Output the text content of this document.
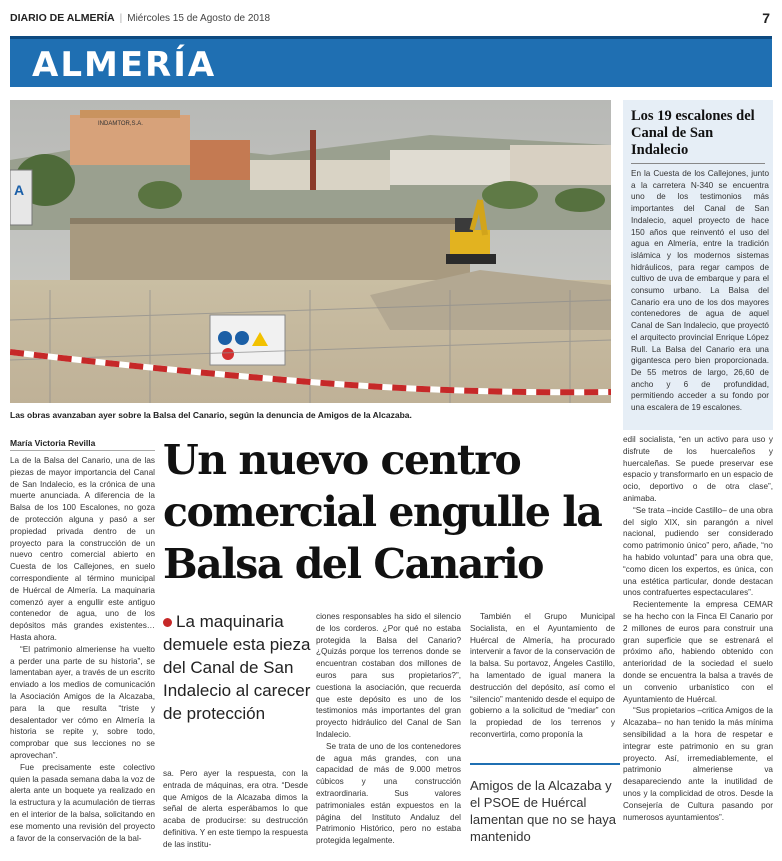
DIARIO DE ALMERÍA | Miércoles 15 de Agosto de 2018	7
ALMERÍA
INDAMTOR,S.A.
A
Las obras avanzaban ayer sobre la Balsa del Canario, según la denuncia de Amigos de la Alcazaba.
Los 19 escalones del Canal de San Indalecio
En la Cuesta de los Callejones, junto a la carretera N-340 se encuentra uno de los testimonios más importantes del Canal de San Indalecio, aquel proyecto de hace 150 años que reinventó el uso del agua en Almería, entre la tradición islámica y los modernos sistemas hidráulicos, para regar campos de cultivo de uva de embarque y para el consumo urbano. La Balsa del Canario era uno de los dos mayores contenedores de agua de aquel Canal de San Indalecio, que proyectó el arquitecto provincial Enrique López Rull. La Balsa del Canario era una gigantesca pero bien proporcionada. De 55 metros de largo, 26,60 de ancho y 6 de profundidad, permitiendo acceder a su fondo por una escalera de 19 escalones.
María Victoria Revilla

La de la Balsa del Canario, una de las piezas de mayor importancia del Canal de San Indalecio, es la crónica de una muerte anunciada. A diferencia de la Balsa de los 100 Escalones, no goza de protección alguna y pasó a ser propiedad privada dentro de un proyecto para la construcción de un nuevo centro comercial abierto en Cuesta de los Callejones, en suelo correspondiente al término municipal de Huércal de Almería. La maquinaria comenzó ayer a engullir este antiguo contenedor de agua, uno de los depósitos más grandes existentes… Hasta ahora.

“El patrimonio almeriense ha vuelto a perder una parte de su historia”, se lamentaban ayer, a través de un escrito enviado a los medios de comunicación la Asociación Amigos de la Alcazaba, para la que resulta “triste y desalentador ver cómo en Almería la historia se repite y, sobre todo, comprobar que sus lecciones no se aprovechan”.

Fue precisamente este colectivo quien la pasada semana daba la voz de alerta ante un boquete ya realizado en la estructura y la acumulación de tierras en el interior de la balsa, solicitando en ese momento una revisión del proyecto a favor de la conservación de la bal-

Un nuevo centro comercial engulle la Balsa del Canario
La maquinaria demuele esta pieza del Canal de San Indalecio al carecer de protección

sa. Pero ayer la respuesta, con la entrada de máquinas, era otra. “Desde que Amigos de la Alcazaba dimos la señal de alerta esperábamos lo que acaba de producirse: su destrucción definitiva. Y en este tiempo la respuesta de las institu-

ciones responsables ha sido el silencio de los corderos. ¿Por qué no estaba protegida la Balsa del Canario? ¿Quizás porque los terrenos donde se encuentran costaban dos millones de euros para sus propietarios?”, cuestiona la asociación, que recuerda que este depósito es uno de los testimonios más importantes del gran proyecto hidráulico del Canal de San Indalecio.

Se trata de uno de los contenedores de agua más grandes, con una capacidad de más de 9.000 metros cúbicos y una construcción extraordinaria. Sus valores patrimoniales están expuestos en la página del Instituto Andaluz del Patrimonio Histórico, pero no estaba protegida legalmente.

También el Grupo Municipal Socialista, en el Ayuntamiento de Huércal de Almería, ha procurado intervenir a favor de la conservación de la balsa. Su portavoz, Ángeles Castillo, ha lamentado de igual manera la destrucción del depósito, así como el “silencio” mantenido desde el equipo de gobierno a la solicitud de “mediar” con la propiedad de los terrenos y reconvertirla, como proponía la

Amigos de la Alcazaba y el PSOE de Huércal lamentan que no se haya mantenido

edil socialista, “en un activo para uso y disfrute de los huercaleños y huercaleñas. Se puede preservar ese espacio y transformarlo en un espacio de ocio, deportivo o de otra clase”, animaba.

“Se trata –incide Castillo– de una obra del siglo XIX, sin parangón a nivel nacional, pudiendo ser considerado como patrimonio único” pero, añade, “no ha habido voluntad” para una obra que, “como dicen los expertos, es única, con una estética particular, donde destacan unos contrafuertes espectaculares”.

Recientemente la empresa CEMAR se ha hecho con la Finca El Canario por 2 millones de euros para construir una gran superficie que se estrenará el próximo año, habiendo obtenido con anterioridad de la sociedad el suelo donde se encuentra la balsa a través de un convenio urbanístico con el Ayuntamiento de Huércal.

“Sus propietarios –critica Amigos de la Alcazaba– no han tenido la más mínima sensibilidad a la hora de respetar e integrar este patrimonio en su gran proyecto. Así, irremediablemente, el patrimonio almeriense va desapareciendo ante la inutilidad de unos y la complicidad de otros. Desde la Consejería de Cultura pasando por numerosos ayuntamientos”.
